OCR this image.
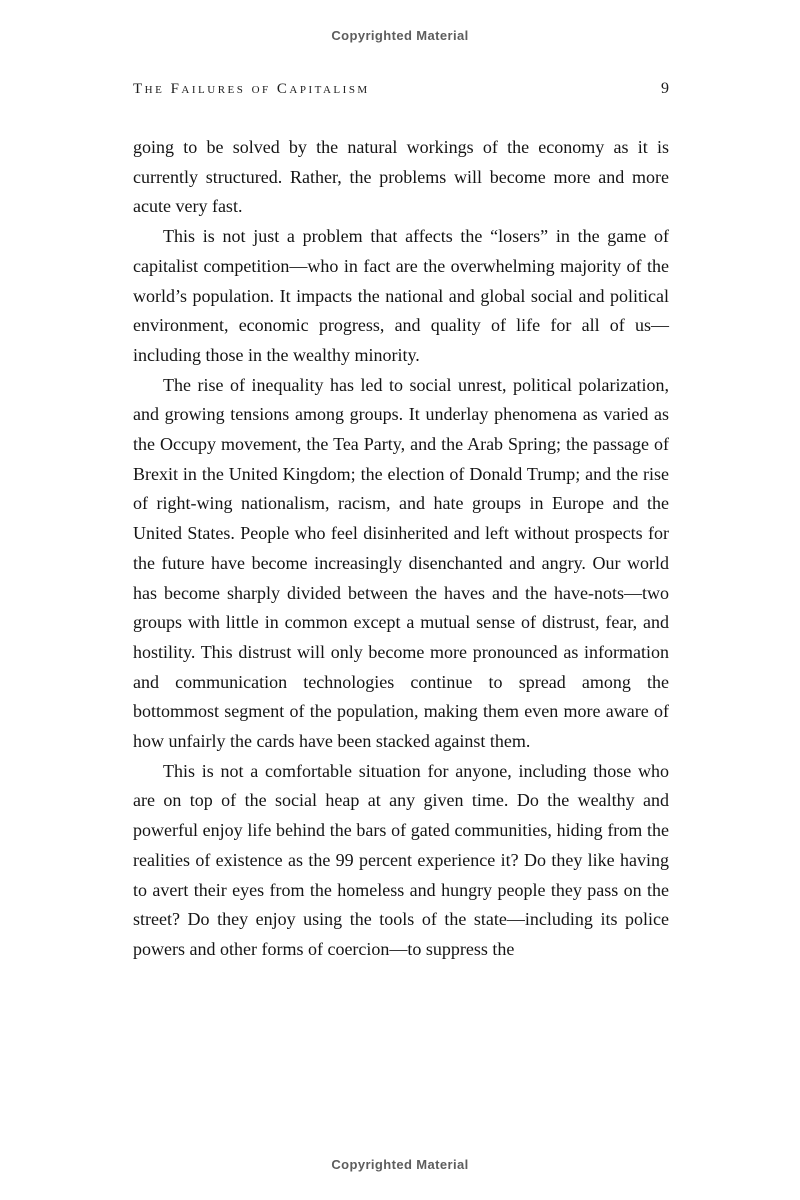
Copyrighted Material
The Failures of Capitalism	9

going to be solved by the natural workings of the economy as it is currently structured. Rather, the problems will become more and more acute very fast.

This is not just a problem that affects the “losers” in the game of capitalist competition—who in fact are the overwhelming majority of the world’s population. It impacts the national and global social and political environment, economic progress, and quality of life for all of us—including those in the wealthy minority.

The rise of inequality has led to social unrest, political polarization, and growing tensions among groups. It underlay phenomena as varied as the Occupy movement, the Tea Party, and the Arab Spring; the passage of Brexit in the United Kingdom; the election of Donald Trump; and the rise of right-wing nationalism, racism, and hate groups in Europe and the United States. People who feel disinherited and left without prospects for the future have become increasingly disenchanted and angry. Our world has become sharply divided between the haves and the have-nots—two groups with little in common except a mutual sense of distrust, fear, and hostility. This distrust will only become more pronounced as information and communication technologies continue to spread among the bottommost segment of the population, making them even more aware of how unfairly the cards have been stacked against them.

This is not a comfortable situation for anyone, including those who are on top of the social heap at any given time. Do the wealthy and powerful enjoy life behind the bars of gated communities, hiding from the realities of existence as the 99 percent experience it? Do they like having to avert their eyes from the homeless and hungry people they pass on the street? Do they enjoy using the tools of the state—including its police powers and other forms of coercion—to suppress the

Copyrighted Material
